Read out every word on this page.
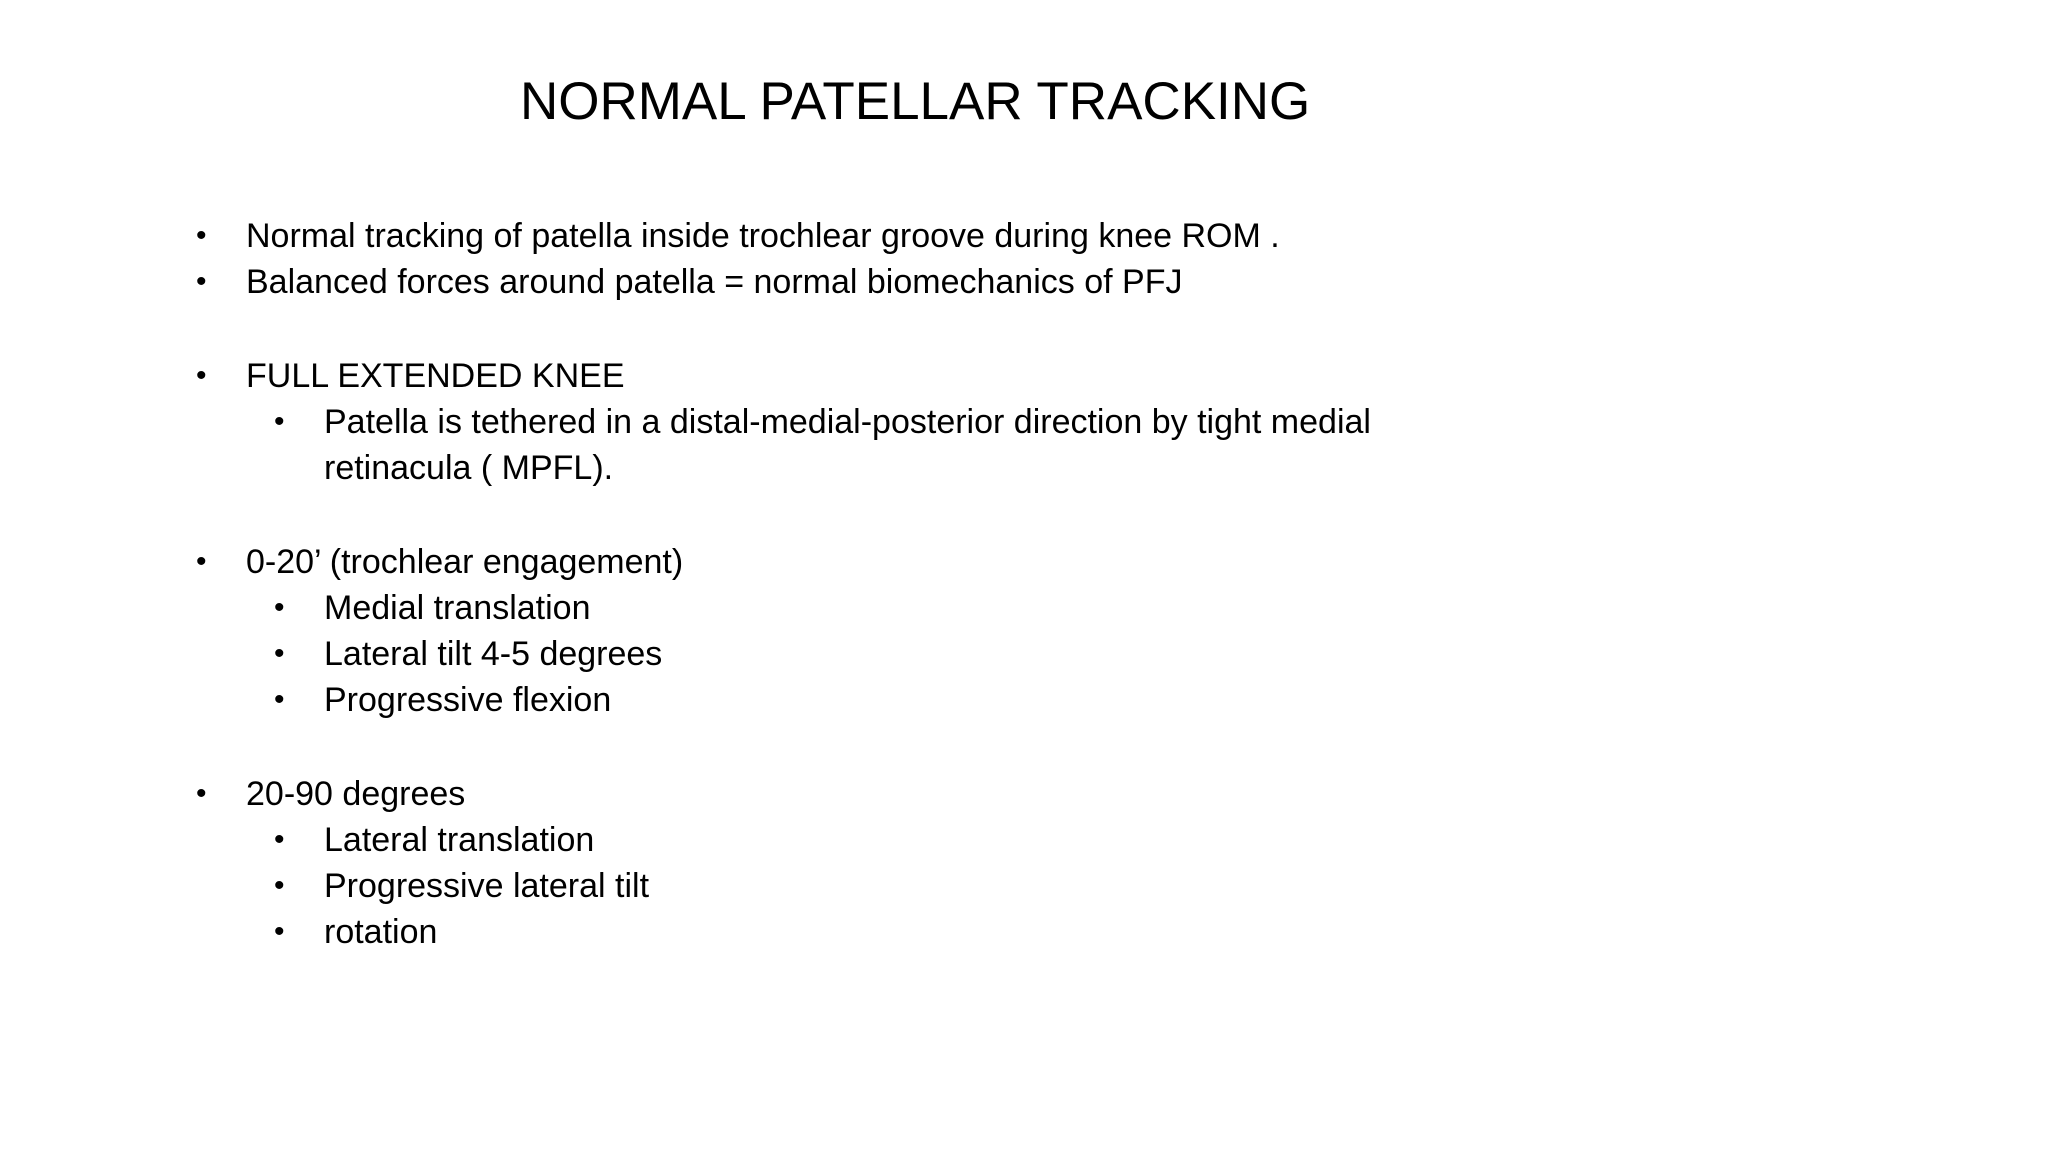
NORMAL PATELLAR TRACKING
• Normal tracking of patella inside trochlear groove during knee ROM .
• Balanced forces around patella = normal biomechanics of PFJ
• FULL EXTENDED KNEE
• Patella is tethered in a distal-medial-posterior direction by tight medial
retinacula ( MPFL).
• 0-20’ (trochlear engagement)
• Medial translation
• Lateral tilt 4-5 degrees
• Progressive flexion
• 20-90 degrees
• Lateral translation
• Progressive lateral tilt
• rotation
